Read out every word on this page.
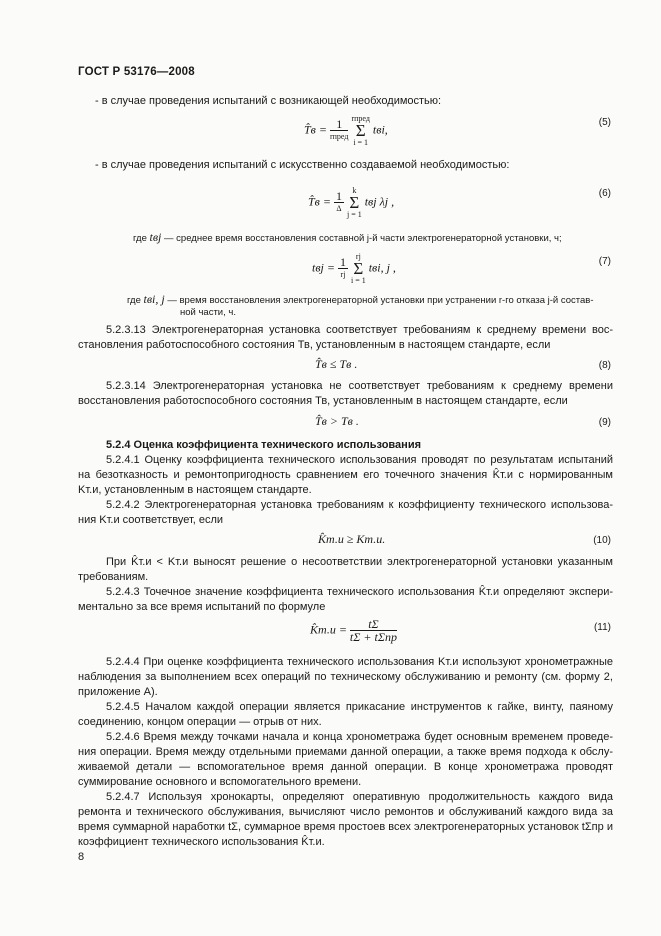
ГОСТ Р 53176—2008
- в случае проведения испытаний с возникающей необходимостью:
T̂в = $\frac{1}{\text{rпред}}$ rпред
Σ
i = 1 tвi,	(5)
- в случае проведения испытаний с искусственно создаваемой необходимостью:
T̂в = $\frac{1}{\Delta}$ k
Σ
j = 1 tвj λj ,
(6)
где tвj — среднее время восстановления составной j-й части электрогенераторной установки, ч;
tвj = $\frac{1}{rj}$ rj
Σ
i = 1 tвi, j ,	(7)
где tвi, j — время восстановления электрогенераторной установки при устранении r-го отказа j-й состав-
ной части, ч.
5.2.3.13 Электрогенераторная установка соответствует требованиям к среднему времени вос-
становления работоспособного состояния Тв, установленным в настоящем стандарте, если
T̂в ≤ Tв .	(8)
5.2.3.14 Электрогенераторная установка не соответствует требованиям к среднему времени
восстановления работоспособного состояния Тв, установленным в настоящем стандарте, если
T̂в > Tв .	(9)
5.2.4 Оценка коэффициента технического использования
5.2.4.1 Оценку коэффициента технического использования проводят по результатам испытаний
на безотказность и ремонтопригодность сравнением его точечного значения K̂т.и с нормированным
Kт.и, установленным в настоящем стандарте.
5.2.4.2 Электрогенераторная установка требованиям к коэффициенту технического использова-
ния Kт.и соответствует, если
K̂т.и ≥ Kт.и.	(10)
При K̂т.и < Kт.и выносят решение о несоответствии электрогенераторной установки указанным
требованиям.
5.2.4.3 Точечное значение коэффициента технического использования K̂т.и определяют экспери-
ментально за все время испытаний по формуле
K̂т.и = $\frac{t\Sigma}{\text{tΣ + tΣпр}}$	(11)
5.2.4.4 При оценке коэффициента технического использования Kт.и используют хронометражные
наблюдения за выполнением всех операций по техническому обслуживанию и ремонту (см. форму 2,
приложение А).
5.2.4.5 Началом каждой операции является прикасание инструментов к гайке, винту, паяному
соединению, концом операции — отрыв от них.
5.2.4.6 Время между точками начала и конца хронометража будет основным временем проведе-
ния операции. Время между отдельными приемами данной операции, а также время подхода к обслу-
живаемой детали — вспомогательное время данной операции. В конце хронометража проводят
суммирование основного и вспомогательного времени.
5.2.4.7 Используя хронокарты, определяют оперативную продолжительность каждого вида
ремонта и технического обслуживания, вычисляют число ремонтов и обслуживаний каждого вида за
время суммарной наработки tΣ, суммарное время простоев всех электрогенераторных установок tΣпр и
коэффициент технического использования K̂т.и.
8
